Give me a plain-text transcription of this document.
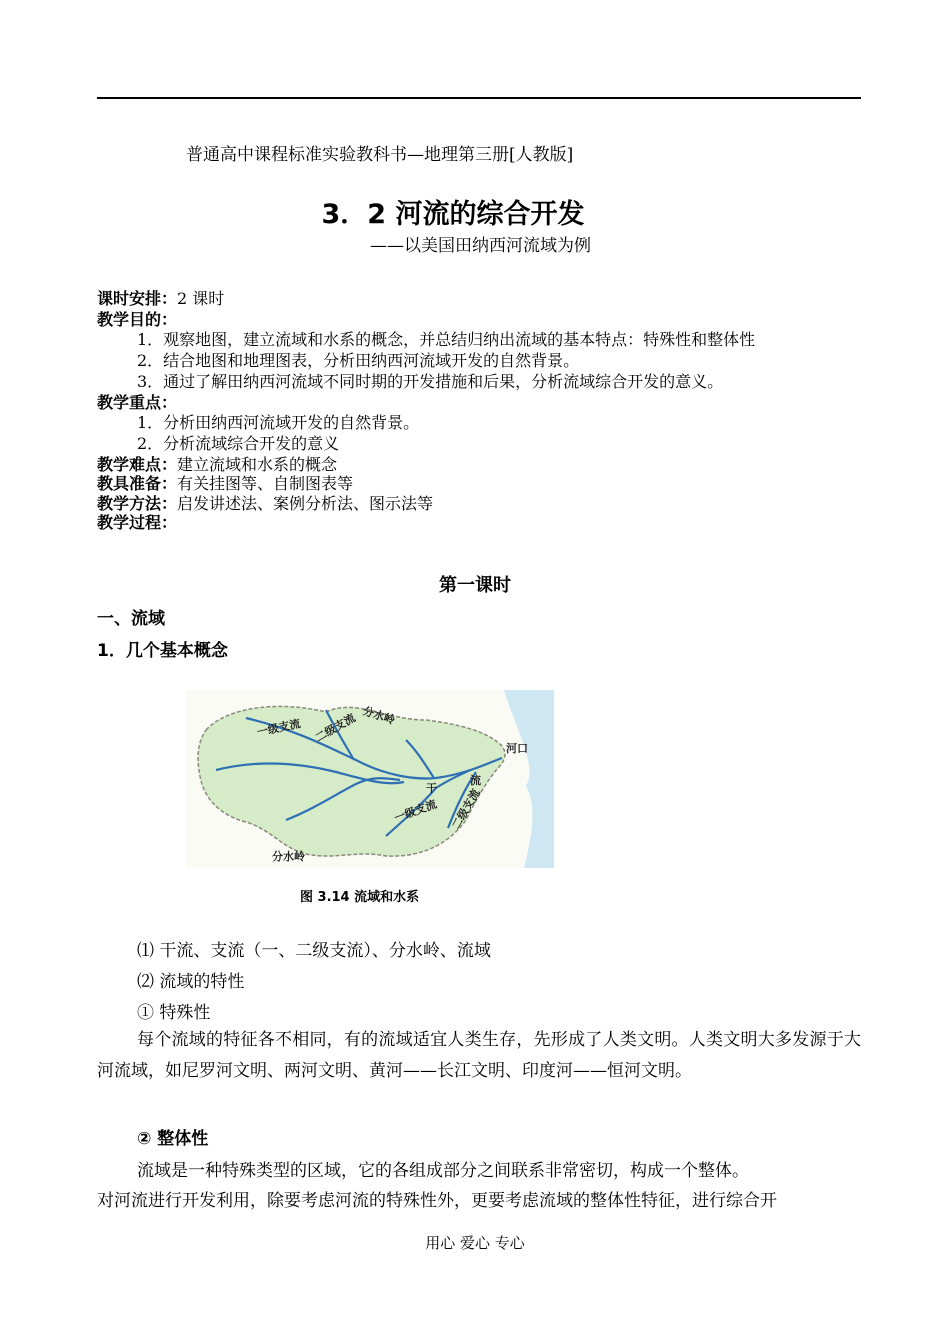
普通高中课程标准实验教科书—地理第三册[人教版]
3．2 河流的综合开发
——以美国田纳西河流域为例
课时安排：2 课时
教学目的：
1．观察地图，建立流域和水系的概念，并总结归纳出流域的基本特点：特殊性和整体性
2．结合地图和地理图表，分析田纳西河流域开发的自然背景。
3．通过了解田纳西河流域不同时期的开发措施和后果，分析流域综合开发的意义。
教学重点：
1．分析田纳西河流域开发的自然背景。
2．分析流域综合开发的意义
教学难点：建立流域和水系的概念
教具准备：有关挂图等、自制图表等
教学方法：启发讲述法、案例分析法、图示法等
教学过程：
第一课时
一、流域
1．几个基本概念
分水岭
分水岭
一级支流 二级支流
一级支流 二级支流
干
流
河口
图 3.14 流域和水系
⑴ 干流、支流（一、二级支流）、分水岭、流域
⑵ 流域的特性
① 特殊性
每个流域的特征各不相同，有的流域适宜人类生存，先形成了人类文明。人类文明大多发源于大河流域，如尼罗河文明、两河文明、黄河——长江文明、印度河——恒河文明。
② 整体性
流域是一种特殊类型的区域，它的各组成部分之间联系非常密切，构成一个整体。
对河流进行开发利用，除要考虑河流的特殊性外，更要考虑流域的整体性特征，进行综合开
用心 爱心 专心
